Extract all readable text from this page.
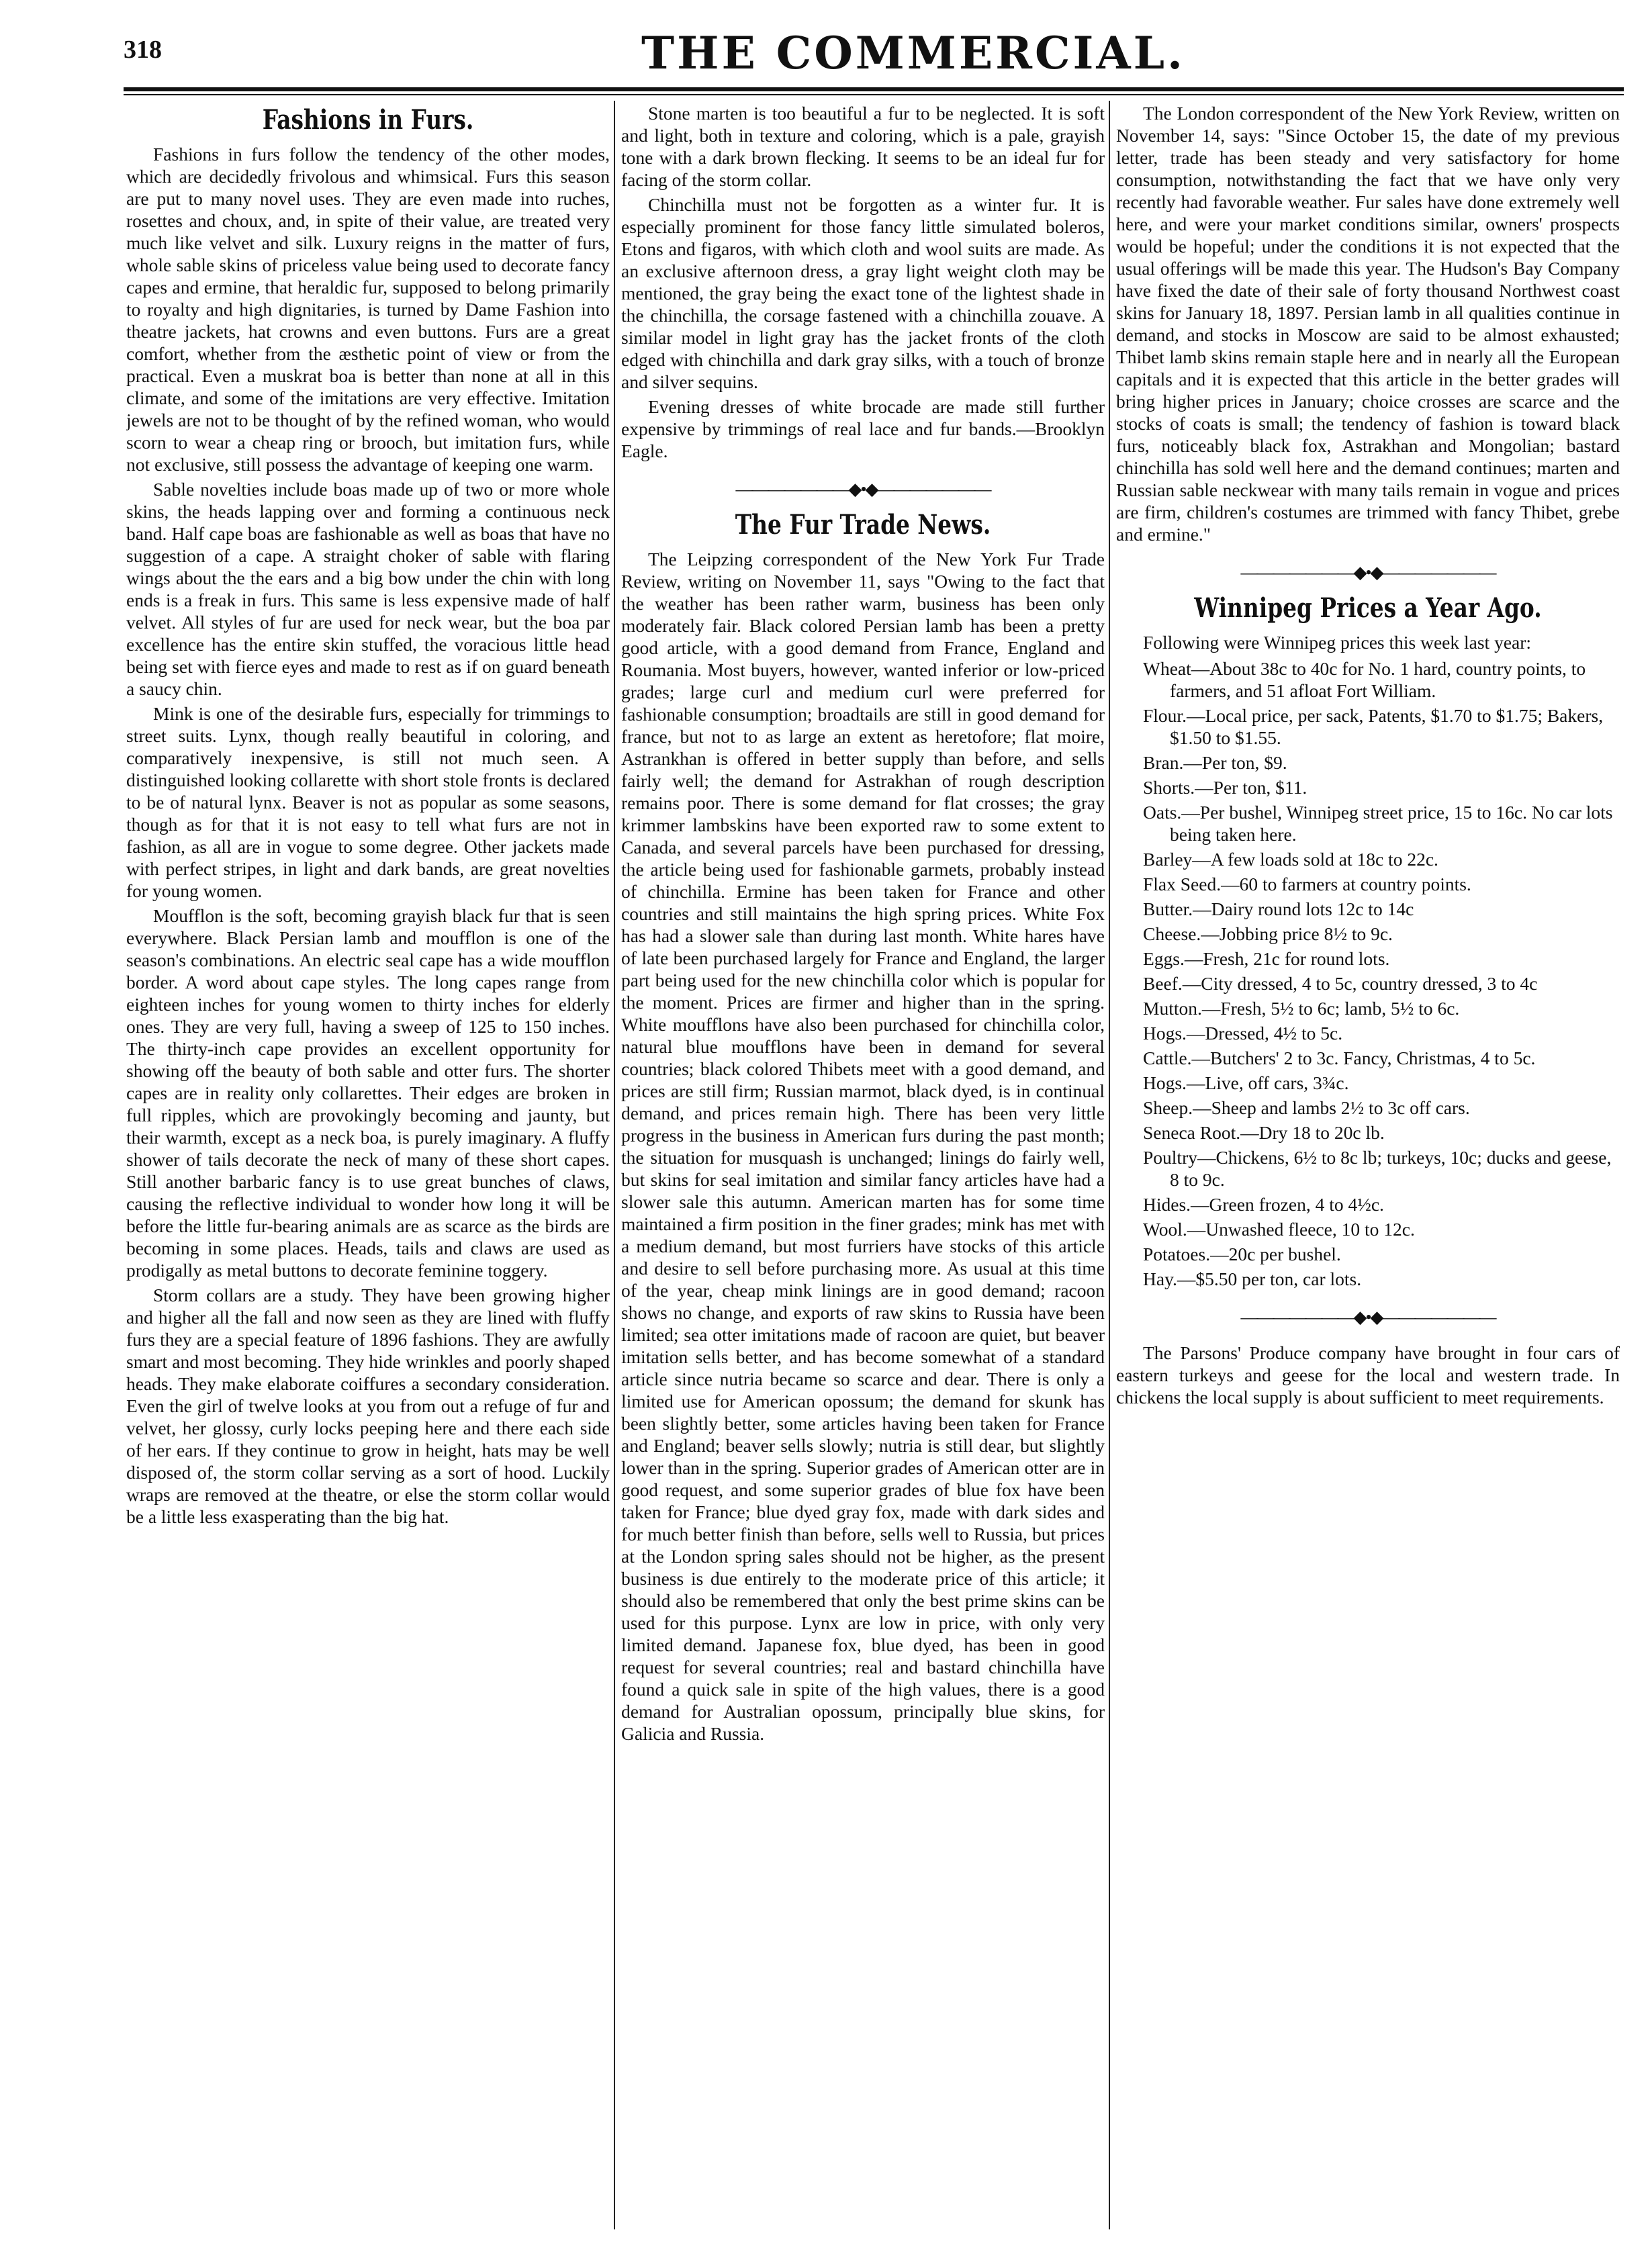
318	THE COMMERCIAL.
Fashions in Furs.

Fashions in furs follow the tendency of the other modes, which are decidedly frivolous and whimsical. Furs this season are put to many novel uses. They are even made into ruches, rosettes and choux, and, in spite of their value, are treated very much like velvet and silk. Luxury reigns in the matter of furs, whole sable skins of priceless value being used to decorate fancy capes and ermine, that heraldic fur, supposed to belong primarily to royalty and high dignitaries, is turned by Dame Fashion into theatre jackets, hat crowns and even buttons. Furs are a great comfort, whether from the æsthetic point of view or from the practical. Even a muskrat boa is better than none at all in this climate, and some of the imitations are very effective. Imitation jewels are not to be thought of by the refined woman, who would scorn to wear a cheap ring or brooch, but imitation furs, while not exclusive, still possess the advantage of keeping one warm.

Sable novelties include boas made up of two or more whole skins, the heads lapping over and forming a continuous neck band. Half cape boas are fashionable as well as boas that have no suggestion of a cape. A straight choker of sable with flaring wings about the the ears and a big bow under the chin with long ends is a freak in furs. This same is less expensive made of half velvet. All styles of fur are used for neck wear, but the boa par excellence has the entire skin stuffed, the voracious little head being set with fierce eyes and made to rest as if on guard beneath a saucy chin.

Mink is one of the desirable furs, especially for trimmings to street suits. Lynx, though really beautiful in coloring, and comparatively inexpensive, is still not much seen. A distinguished looking collarette with short stole fronts is declared to be of natural lynx. Beaver is not as popular as some seasons, though as for that it is not easy to tell what furs are not in fashion, as all are in vogue to some degree. Other jackets made with perfect stripes, in light and dark bands, are great novelties for young women.

Moufflon is the soft, becoming grayish black fur that is seen everywhere. Black Persian lamb and moufflon is one of the season's combinations. An electric seal cape has a wide moufflon border. A word about cape styles. The long capes range from eighteen inches for young women to thirty inches for elderly ones. They are very full, having a sweep of 125 to 150 inches. The thirty-inch cape provides an excellent opportunity for showing off the beauty of both sable and otter furs. The shorter capes are in reality only collarettes. Their edges are broken in full ripples, which are provokingly becoming and jaunty, but their warmth, except as a neck boa, is purely imaginary. A fluffy shower of tails decorate the neck of many of these short capes. Still another barbaric fancy is to use great bunches of claws, causing the reflective individual to wonder how long it will be before the little fur-bearing animals are as scarce as the birds are becoming in some places. Heads, tails and claws are used as prodigally as metal buttons to decorate feminine toggery.

Storm collars are a study. They have been growing higher and higher all the fall and now seen as they are lined with fluffy furs they are a special feature of 1896 fashions. They are awfully smart and most becoming. They hide wrinkles and poorly shaped heads. They make elaborate coiffures a secondary consideration. Even the girl of twelve looks at you from out a refuge of fur and velvet, her glossy, curly locks peeping here and there each side of her ears. If they continue to grow in height, hats may be well disposed of, the storm collar serving as a sort of hood. Luckily wraps are removed at the theatre, or else the storm collar would be a little less exasperating than the big hat.

Stone marten is too beautiful a fur to be neglected. It is soft and light, both in texture and coloring, which is a pale, grayish tone with a dark brown flecking. It seems to be an ideal fur for facing of the storm collar.

Chinchilla must not be forgotten as a winter fur. It is especially prominent for those fancy little simulated boleros, Etons and figaros, with which cloth and wool suits are made. As an exclusive afternoon dress, a gray light weight cloth may be mentioned, the gray being the exact tone of the lightest shade in the chinchilla, the corsage fastened with a chinchilla zouave. A similar model in light gray has the jacket fronts of the cloth edged with chinchilla and dark gray silks, with a touch of bronze and silver sequins.

Evening dresses of white brocade are made still further expensive by trimmings of real lace and fur bands.—Brooklyn Eagle.

———————◆•◆———————
The Fur Trade News.

The Leipzing correspondent of the New York Fur Trade Review, writing on November 11, says "Owing to the fact that the weather has been rather warm, business has been only moderately fair. Black colored Persian lamb has been a pretty good article, with a good demand from France, England and Roumania. Most buyers, however, wanted inferior or low-priced grades; large curl and medium curl were preferred for fashionable consumption; broadtails are still in good demand for france, but not to as large an extent as heretofore; flat moire, Astrankhan is offered in better supply than before, and sells fairly well; the demand for Astrakhan of rough description remains poor. There is some demand for flat crosses; the gray krimmer lambskins have been exported raw to some extent to Canada, and several parcels have been purchased for dressing, the article being used for fashionable garmets, probably instead of chinchilla. Ermine has been taken for France and other countries and still maintains the high spring prices. White Fox has had a slower sale than during last month. White hares have of late been purchased largely for France and England, the larger part being used for the new chinchilla color which is popular for the moment. Prices are firmer and higher than in the spring. White moufflons have also been purchased for chinchilla color, natural blue moufflons have been in demand for several countries; black colored Thibets meet with a good demand, and prices are still firm; Russian marmot, black dyed, is in continual demand, and prices remain high. There has been very little progress in the business in American furs during the past month; the situation for musquash is unchanged; linings do fairly well, but skins for seal imitation and similar fancy articles have had a slower sale this autumn. American marten has for some time maintained a firm position in the finer grades; mink has met with a medium demand, but most furriers have stocks of this article and desire to sell before purchasing more. As usual at this time of the year, cheap mink linings are in good demand; racoon shows no change, and exports of raw skins to Russia have been limited; sea otter imitations made of racoon are quiet, but beaver imitation sells better, and has become somewhat of a standard article since nutria became so scarce and dear. There is only a limited use for American opossum; the demand for skunk has been slightly better, some articles having been taken for France and England; beaver sells slowly; nutria is still dear, but slightly lower than in the spring. Superior grades of American otter are in good request, and some superior grades of blue fox have been taken for France; blue dyed gray fox, made with dark sides and for much better finish than before, sells well to Russia, but prices at the London spring sales should not be higher, as the present business is due entirely to the moderate price of this article; it should also be remembered that only the best prime skins can be used for this purpose. Lynx are low in price, with only very limited demand. Japanese fox, blue dyed, has been in good request for several countries; real and bastard chinchilla have found a quick sale in spite of the high values, there is a good demand for Australian opossum, principally blue skins, for Galicia and Russia.

The London correspondent of the New York Review, written on November 14, says: "Since October 15, the date of my previous letter, trade has been steady and very satisfactory for home consumption, notwithstanding the fact that we have only very recently had favorable weather. Fur sales have done extremely well here, and were your market conditions similar, owners' prospects would be hopeful; under the conditions it is not expected that the usual offerings will be made this year. The Hudson's Bay Company have fixed the date of their sale of forty thousand Northwest coast skins for January 18, 1897. Persian lamb in all qualities continue in demand, and stocks in Moscow are said to be almost exhausted; Thibet lamb skins remain staple here and in nearly all the European capitals and it is expected that this article in the better grades will bring higher prices in January; choice crosses are scarce and the stocks of coats is small; the tendency of fashion is toward black furs, noticeably black fox, Astrakhan and Mongolian; bastard chinchilla has sold well here and the demand continues; marten and Russian sable neckwear with many tails remain in vogue and prices are firm, children's costumes are trimmed with fancy Thibet, grebe and ermine."

———————◆•◆———————
Winnipeg Prices a Year Ago.

Following were Winnipeg prices this week last year:

Wheat—About 38c to 40c for No. 1 hard, country points, to farmers, and 51 afloat Fort William.
Flour.—Local price, per sack, Patents, $1.70 to $1.75; Bakers, $1.50 to $1.55.
Bran.—Per ton, $9.
Shorts.—Per ton, $11.
Oats.—Per bushel, Winnipeg street price, 15 to 16c. No car lots being taken here.
Barley—A few loads sold at 18c to 22c.
Flax Seed.—60 to farmers at country points.
Butter.—Dairy round lots 12c to 14c
Cheese.—Jobbing price 8½ to 9c.
Eggs.—Fresh, 21c for round lots.
Beef.—City dressed, 4 to 5c, country dressed, 3 to 4c
Mutton.—Fresh, 5½ to 6c; lamb, 5½ to 6c.
Hogs.—Dressed, 4½ to 5c.
Cattle.—Butchers' 2 to 3c. Fancy, Christmas, 4 to 5c.
Hogs.—Live, off cars, 3¾c.
Sheep.—Sheep and lambs 2½ to 3c off cars.
Seneca Root.—Dry 18 to 20c lb.
Poultry—Chickens, 6½ to 8c lb; turkeys, 10c; ducks and geese, 8 to 9c.
Hides.—Green frozen, 4 to 4½c.
Wool.—Unwashed fleece, 10 to 12c.
Potatoes.—20c per bushel.
Hay.—$5.50 per ton, car lots.
———————◆•◆———————

The Parsons' Produce company have brought in four cars of eastern turkeys and geese for the local and western trade. In chickens the local supply is about sufficient to meet requirements.
